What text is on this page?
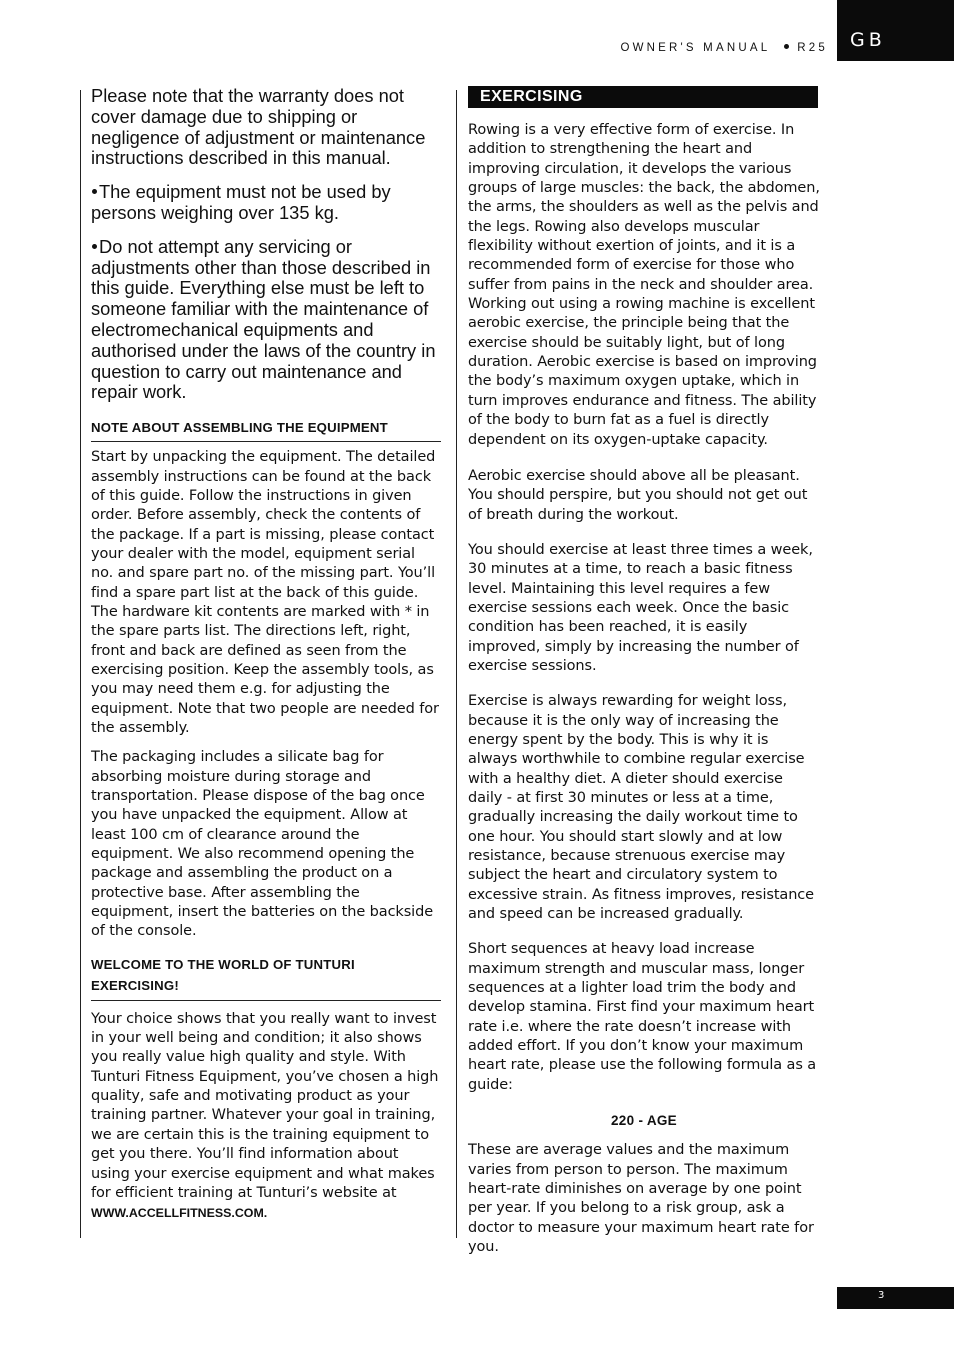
OWNER'S MANUAL R25	GB

Please note that the warranty does not cover damage due to shipping or negligence of adjustment or maintenance instructions described in this manual.

The equipment must not be used by persons weighing over 135 kg.

Do not attempt any servicing or adjustments other than those described in this guide. Everything else must be left to someone familiar with the maintenance of electromechanical equipments and authorised under the laws of the country in question to carry out maintenance and repair work.

NOTE ABOUT ASSEMBLING THE EQUIPMENT

Start by unpacking the equipment. The detailed assembly instructions can be found at the back of this guide. Follow the instructions in given order. Before assembly, check the contents of the package. If a part is missing, please contact your dealer with the model, equipment serial no. and spare part no. of the missing part. You’ll find a spare part list at the back of this guide. The hardware kit contents are marked with * in the spare parts list. The directions left, right, front and back are defined as seen from the exercising position. Keep the assembly tools, as you may need them e.g. for adjusting the equipment. Note that two people are needed for the assembly.

The packaging includes a silicate bag for absorbing moisture during storage and transportation. Please dispose of the bag once you have unpacked the equipment. Allow at least 100 cm of clearance around the equipment. We also recommend opening the package and assembling the product on a protective base. After assembling the equipment, insert the batteries on the backside of the console.

WELCOME TO THE WORLD OF TUNTURI EXERCISING!

Your choice shows that you really want to invest in your well being and condition; it also shows you really value high quality and style. With Tunturi Fitness Equipment, you’ve chosen a high quality, safe and motivating product as your training partner. Whatever your goal in training, we are certain this is the training equipment to get you there. You’ll find information about using your exercise equipment and what makes for efficient training at Tunturi’s website at

WWW.ACCELLFITNESS.COM.
EXERCISING

Rowing is a very effective form of exercise. In addition to strengthening the heart and improving circulation, it develops the various groups of large muscles: the back, the abdomen, the arms, the shoulders as well as the pelvis and the legs. Rowing also develops muscular flexibility without exertion of joints, and it is a recommended form of exercise for those who suffer from pains in the neck and shoulder area. Working out using a rowing machine is excellent aerobic exercise, the principle being that the exercise should be suitably light, but of long duration. Aerobic exercise is based on improving the body’s maximum oxygen uptake, which in turn improves endurance and fitness. The ability of the body to burn fat as a fuel is directly dependent on its oxygen-uptake capacity.

Aerobic exercise should above all be pleasant. You should perspire, but you should not get out of breath during the workout.

You should exercise at least three times a week, 30 minutes at a time, to reach a basic fitness level. Maintaining this level requires a few exercise sessions each week. Once the basic condition has been reached, it is easily improved, simply by increasing the number of exercise sessions.

Exercise is always rewarding for weight loss, because it is the only way of increasing the energy spent by the body. This is why it is always worthwhile to combine regular exercise with a healthy diet. A dieter should exercise daily - at first 30 minutes or less at a time, gradually increasing the daily workout time to one hour. You should start slowly and at low resistance, because strenuous exercise may subject the heart and circulatory system to excessive strain. As fitness improves, resistance and speed can be increased gradually.

Short sequences at heavy load increase maximum strength and muscular mass, longer sequences at a lighter load trim the body and develop stamina. First find your maximum heart rate i.e. where the rate doesn’t increase with added effort. If you don’t know your maximum heart rate, please use the following formula as a guide:

220 - AGE

These are average values and the maximum varies from person to person. The maximum heart-rate diminishes on average by one point per year. If you belong to a risk group, ask a doctor to measure your maximum heart rate for you.

3
